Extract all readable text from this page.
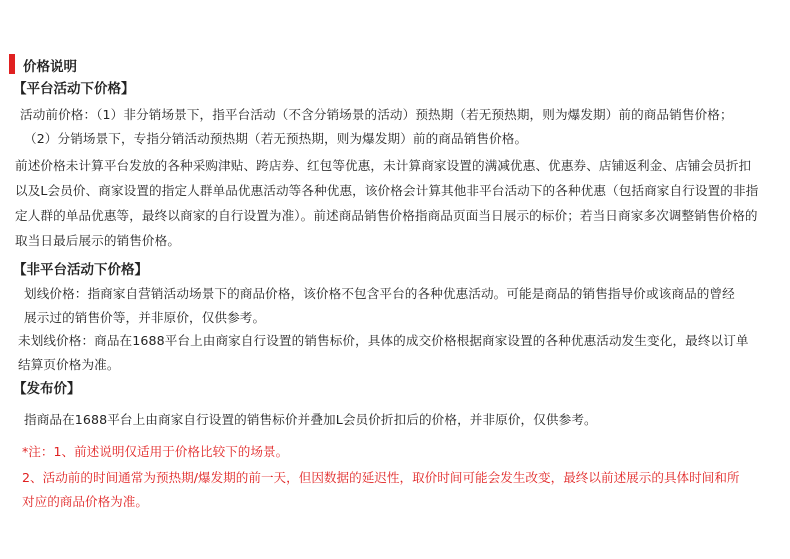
价格说明
【平台活动下价格】
活动前价格：（1）非分销场景下，指平台活动（不含分销场景的活动）预热期（若无预热期，则为爆发期）前的商品销售价格；
（2）分销场景下，专指分销活动预热期（若无预热期，则为爆发期）前的商品销售价格。
前述价格未计算平台发放的各种采购津贴、跨店券、红包等优惠，未计算商家设置的满减优惠、优惠券、店铺返利金、店铺会员折扣
以及L会员价、商家设置的指定人群单品优惠活动等各种优惠，该价格会计算其他非平台活动下的各种优惠（包括商家自行设置的非指
定人群的单品优惠等，最终以商家的自行设置为准）。前述商品销售价格指商品页面当日展示的标价；若当日商家多次调整销售价格的
取当日最后展示的销售价格。
【非平台活动下价格】
划线价格：指商家自营销活动场景下的商品价格，该价格不包含平台的各种优惠活动。可能是商品的销售指导价或该商品的曾经
展示过的销售价等，并非原价，仅供参考。
未划线价格：商品在1688平台上由商家自行设置的销售标价，具体的成交价格根据商家设置的各种优惠活动发生变化，最终以订单
结算页价格为准。
【发布价】
指商品在1688平台上由商家自行设置的销售标价并叠加L会员价折扣后的价格，并非原价，仅供参考。
*注：1、前述说明仅适用于价格比较下的场景。
2、活动前的时间通常为预热期/爆发期的前一天，但因数据的延迟性，取价时间可能会发生改变，最终以前述展示的具体时间和所
对应的商品价格为准。
